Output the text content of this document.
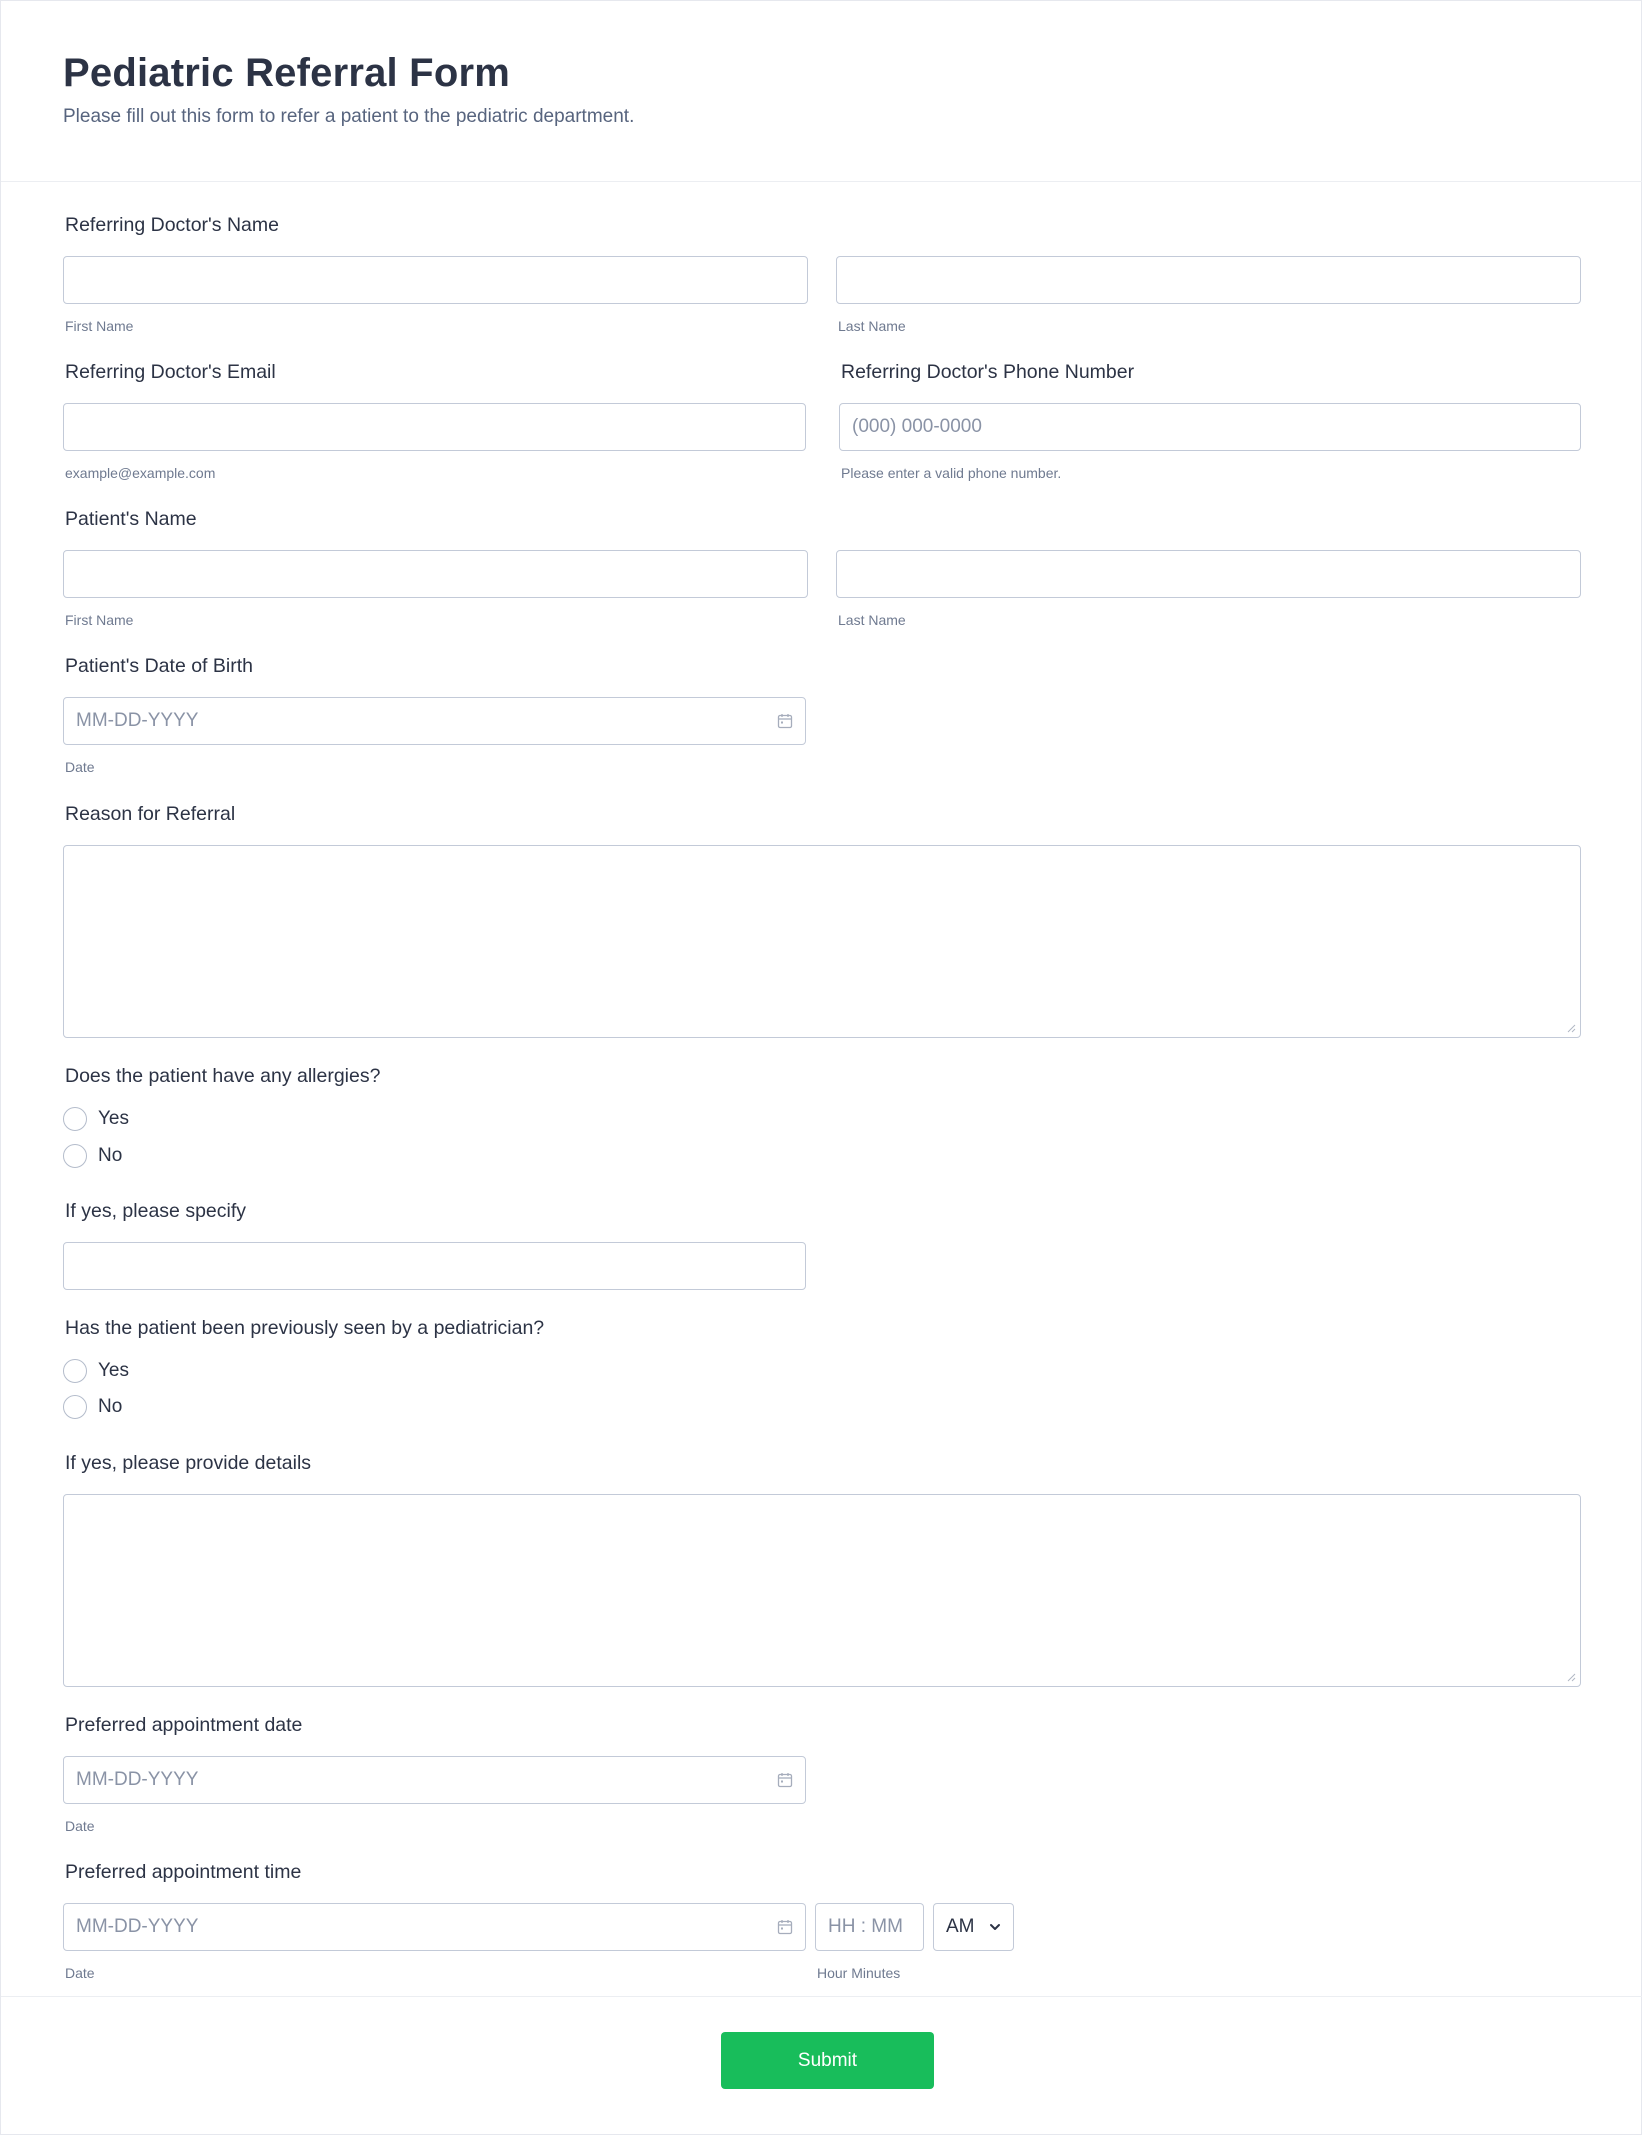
Pediatric Referral Form
Please fill out this form to refer a patient to the pediatric department.
Referring Doctor's Name
First Name	Last Name
Referring Doctor's Email
example@example.com
Referring Doctor's Phone Number
(000) 000-0000
Please enter a valid phone number.
Patient's Name
First Name	Last Name
Patient's Date of Birth
MM-DD-YYYY
Date
Reason for Referral
Does the patient have any allergies?
Yes
No
If yes, please specify
Has the patient been previously seen by a pediatrician?
Yes
No
If yes, please provide details
Preferred appointment date
MM-DD-YYYY
Date
Preferred appointment time
MM-DD-YYYY
Date
HH : MM	Hour Minutes
AM
Submit
